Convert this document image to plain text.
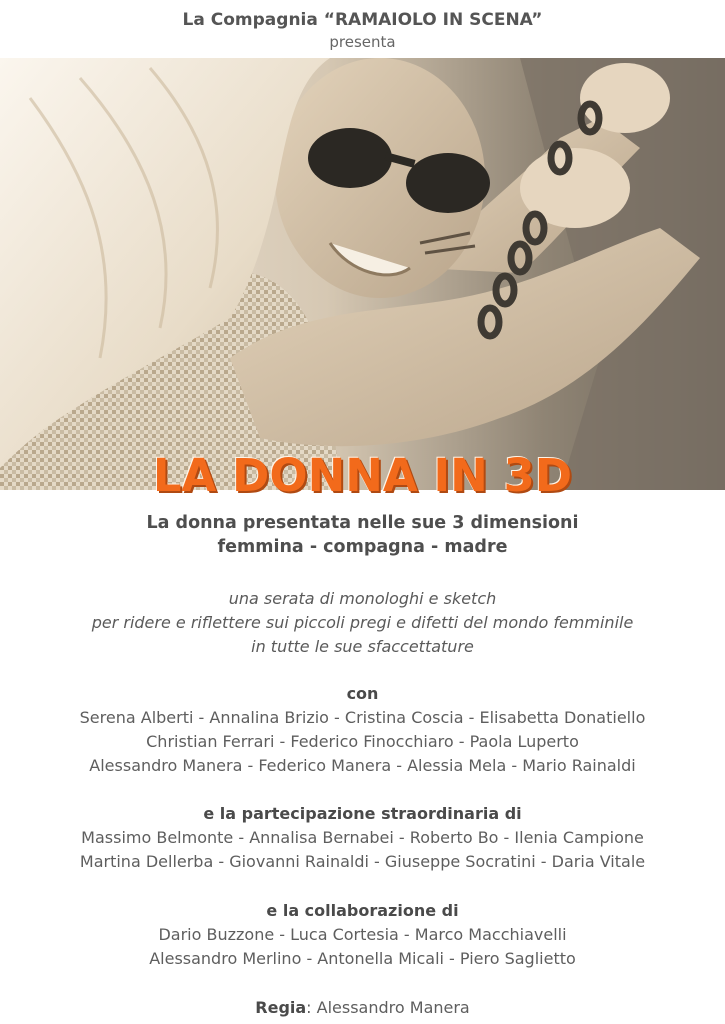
La Compagnia “RAMAIOLO IN SCENA”
presenta
LA DONNA IN 3D
La donna presentata nelle sue 3 dimensioni
femmina - compagna - madre
una serata di monologhi e sketch
per ridere e riflettere sui piccoli pregi e difetti del mondo femminile
in tutte le sue sfaccettature
con
Serena Alberti - Annalina Brizio - Cristina Coscia - Elisabetta Donatiello
Christian Ferrari - Federico Finocchiaro - Paola Luperto
Alessandro Manera - Federico Manera - Alessia Mela - Mario Rainaldi
e la partecipazione straordinaria di
Massimo Belmonte - Annalisa Bernabei - Roberto Bo - Ilenia Campione
Martina Dellerba - Giovanni Rainaldi - Giuseppe Socratini - Daria Vitale
e la collaborazione di
Dario Buzzone - Luca Cortesia - Marco Macchiavelli
Alessandro Merlino - Antonella Micali - Piero Saglietto
Regia: Alessandro Manera
